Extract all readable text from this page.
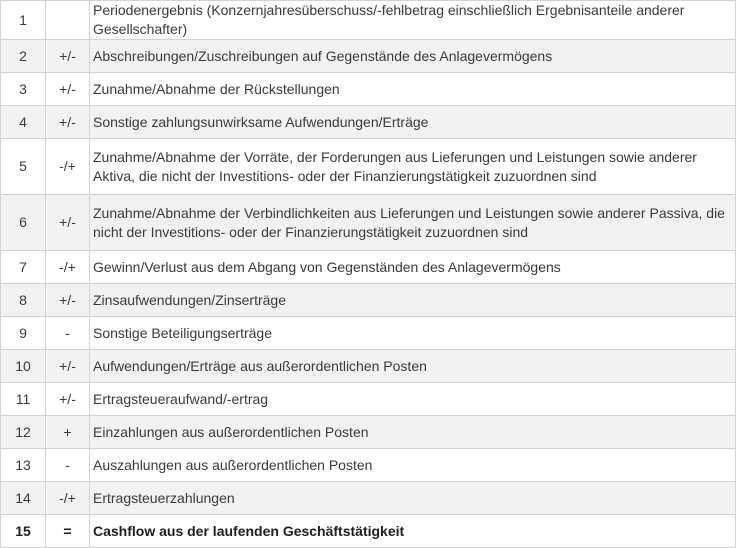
1		Periodenergebnis (Konzernjahresüberschuss/-fehlbetrag einschließlich Ergebnisanteile anderer Gesellschafter)
2	+/-	Abschreibungen/Zuschreibungen auf Gegenstände des Anlagevermögens
3	+/-	Zunahme/Abnahme der Rückstellungen
4	+/-	Sonstige zahlungsunwirksame Aufwendungen/Erträge
5	-/+	Zunahme/Abnahme der Vorräte, der Forderungen aus Lieferungen und Leistungen sowie anderer Aktiva, die nicht der Investitions- oder der Finanzierungstätigkeit zuzuordnen sind
6	+/-	Zunahme/Abnahme der Verbindlichkeiten aus Lieferungen und Leistungen sowie anderer Passiva, die nicht der Investitions- oder der Finanzierungstätigkeit zuzuordnen sind
7	-/+	Gewinn/Verlust aus dem Abgang von Gegenständen des Anlagevermögens
8	+/-	Zinsaufwendungen/Zinserträge
9	-	Sonstige Beteiligungserträge
10	+/-	Aufwendungen/Erträge aus außerordentlichen Posten
11	+/-	Ertragsteueraufwand/-ertrag
12	+	Einzahlungen aus außerordentlichen Posten
13	-	Auszahlungen aus außerordentlichen Posten
14	-/+	Ertragsteuerzahlungen
15	=	Cashflow aus der laufenden Geschäftstätigkeit
